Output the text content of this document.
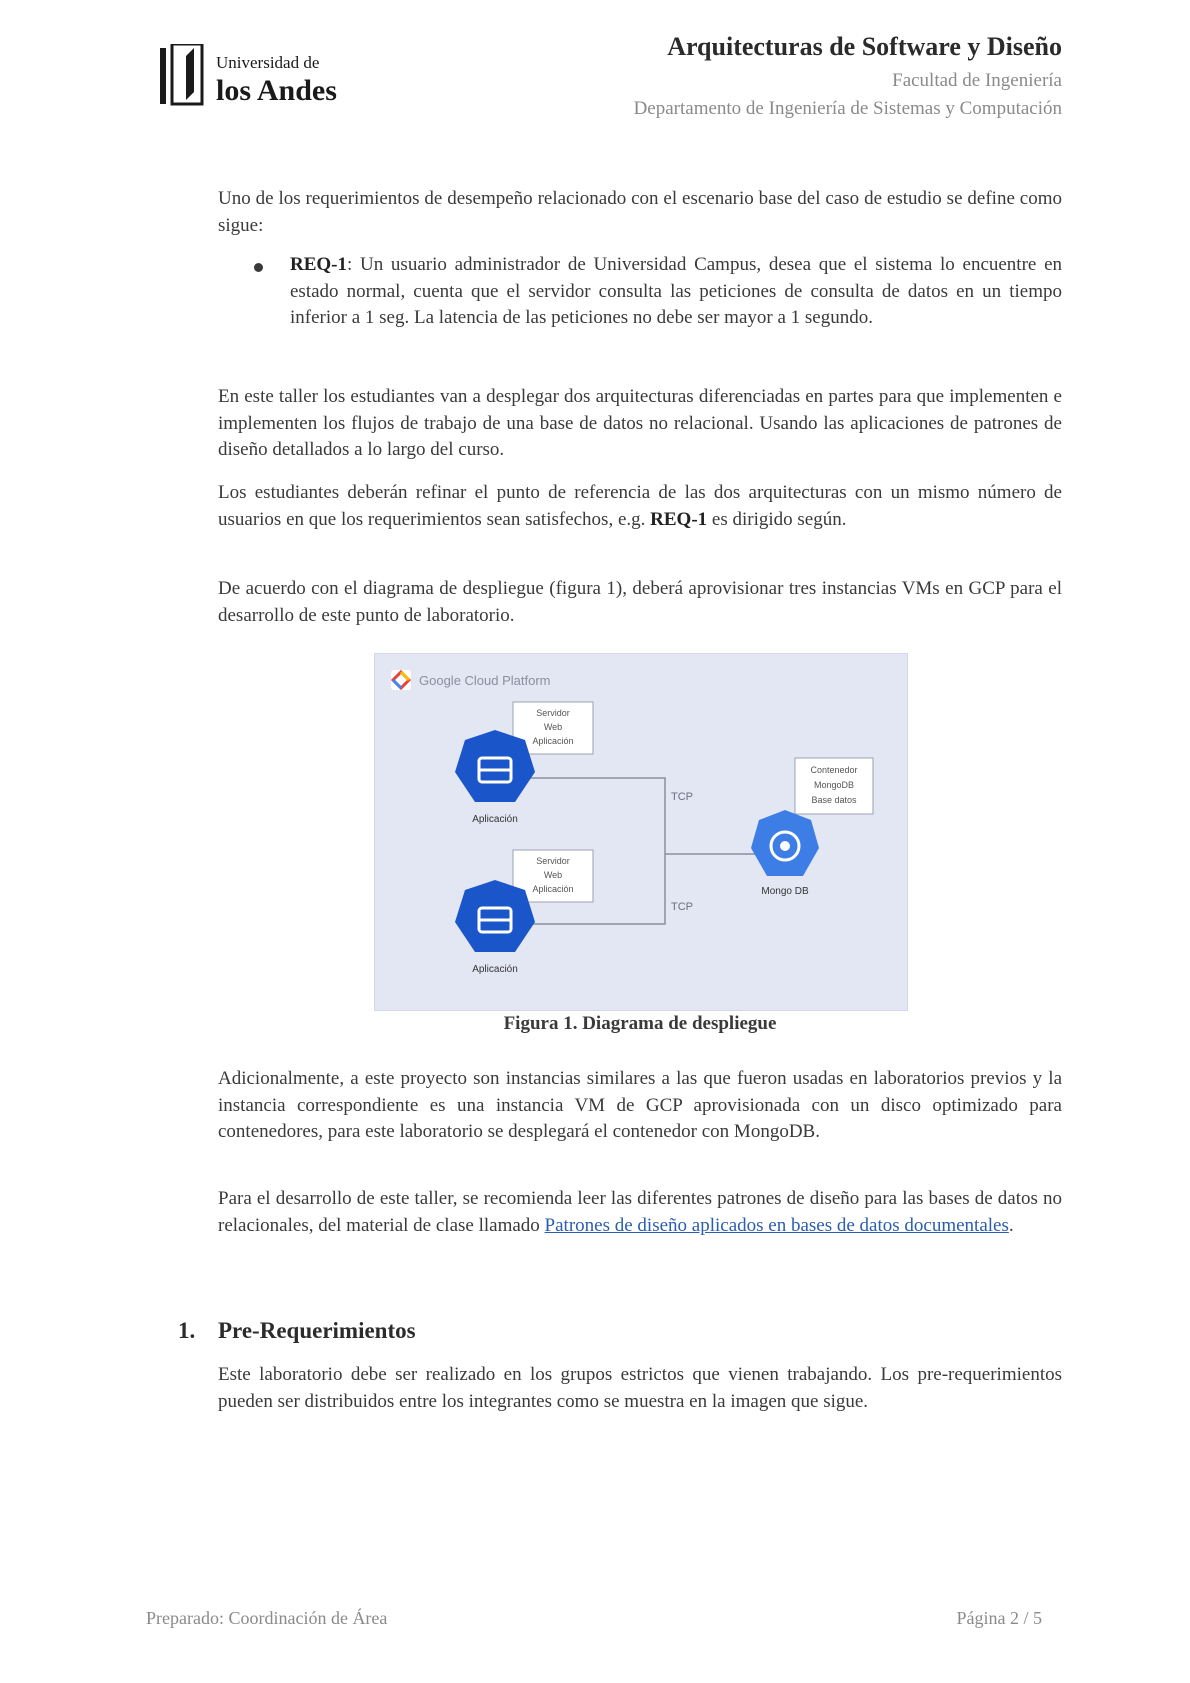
Universidad de
los Andes
Arquitecturas de Software y Diseño
Facultad de Ingeniería
Departamento de Ingeniería de Sistemas y Computación
Uno de los requerimientos de desempeño relacionado con el escenario base del caso de estudio se define como sigue:
REQ-1: Un usuario administrador de Universidad Campus, desea que el sistema lo encuentre en estado normal, cuenta que el servidor consulta las peticiones de consulta de datos en un tiempo inferior a 1 seg. La latencia de las peticiones no debe ser mayor a 1 segundo.
En este taller los estudiantes van a desplegar dos arquitecturas diferenciadas en partes para que implementen e implementen los flujos de trabajo de una base de datos no relacional. Usando las aplicaciones de patrones de diseño detallados a lo largo del curso.
Los estudiantes deberán refinar el punto de referencia de las dos arquitecturas con un mismo número de usuarios en que los requerimientos sean satisfechos, e.g. REQ-1 es dirigido según.
De acuerdo con el diagrama de despliegue (figura 1), deberá aprovisionar tres instancias VMs en GCP para el desarrollo de este punto de laboratorio.
Google Cloud Platform
TCP
TCP
Servidor
Web
Aplicación
Servidor
Web
Aplicación
Contenedor
MongoDB
Base datos
Aplicación
Aplicación
Mongo DB
Figura 1. Diagrama de despliegue
Adicionalmente, a este proyecto son instancias similares a las que fueron usadas en laboratorios previos y la instancia correspondiente es una instancia VM de GCP aprovisionada con un disco optimizado para contenedores, para este laboratorio se desplegará el contenedor con MongoDB.
Para el desarrollo de este taller, se recomienda leer las diferentes patrones de diseño para las bases de datos no relacionales, del material de clase llamado Patrones de diseño aplicados en bases de datos documentales.
1. Pre-Requerimientos
Este laboratorio debe ser realizado en los grupos estrictos que vienen trabajando. Los pre-requerimientos pueden ser distribuidos entre los integrantes como se muestra en la imagen que sigue.
Preparado: Coordinación de Área	Página 2 / 5
